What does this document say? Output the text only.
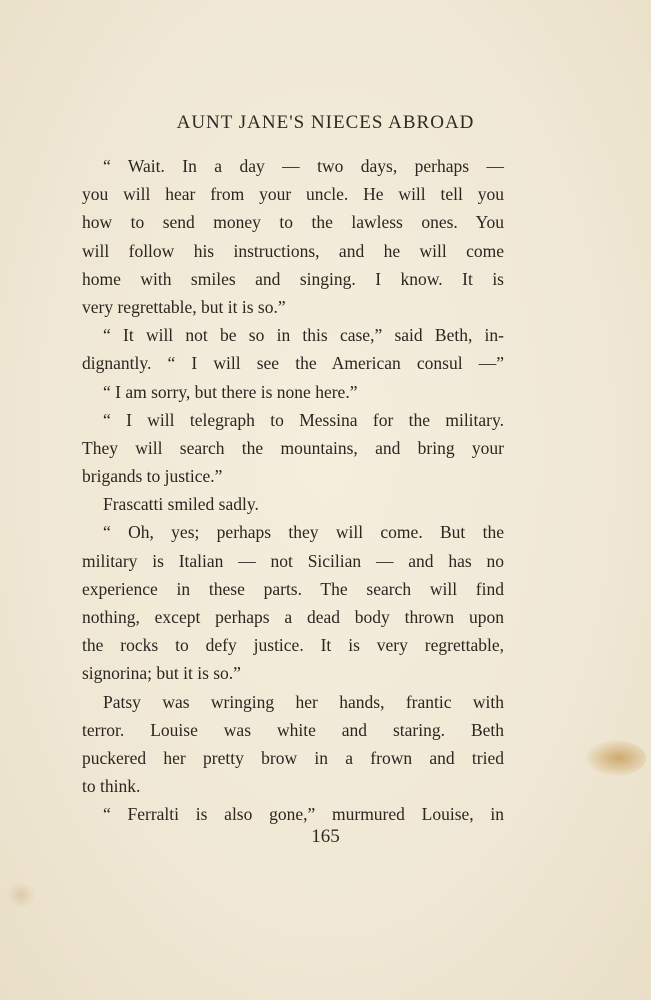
AUNT JANE'S NIECES ABROAD
“ Wait. In a day — two days, perhaps —
you will hear from your uncle. He will tell you
how to send money to the lawless ones. You
will follow his instructions, and he will come
home with smiles and singing. I know. It is
very regrettable, but it is so.”
“ It will not be so in this case,” said Beth, in-
dignantly. “ I will see the American consul —”
“ I am sorry, but there is none here.”
“ I will telegraph to Messina for the military.
They will search the mountains, and bring your
brigands to justice.”
Frascatti smiled sadly.
“ Oh, yes; perhaps they will come. But the
military is Italian — not Sicilian — and has no
experience in these parts. The search will find
nothing, except perhaps a dead body thrown upon
the rocks to defy justice. It is very regrettable,
signorina; but it is so.”
Patsy was wringing her hands, frantic with
terror. Louise was white and staring. Beth
puckered her pretty brow in a frown and tried
to think.
“ Ferralti is also gone,” murmured Louise, in
165
